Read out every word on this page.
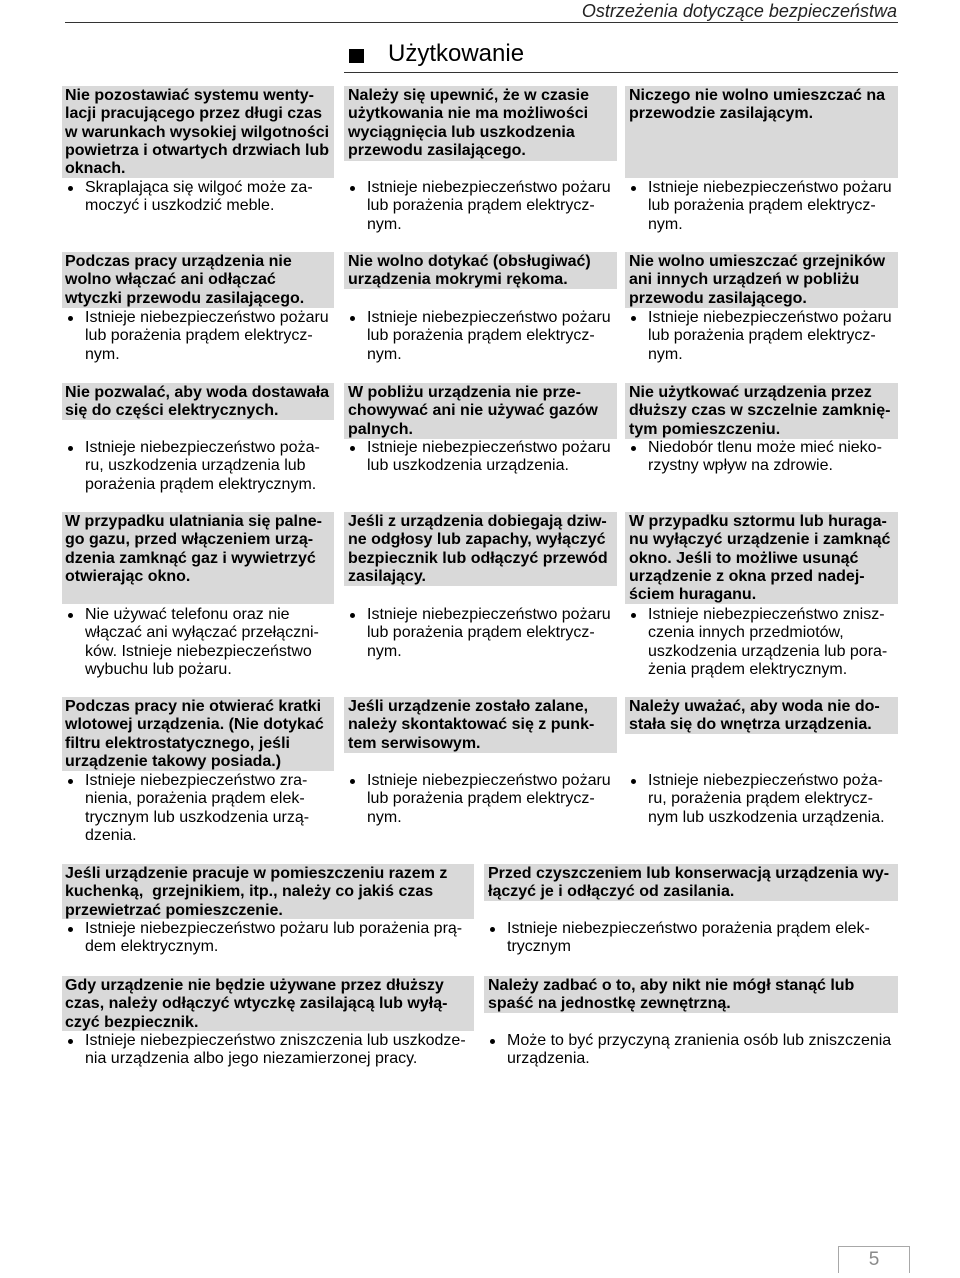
Ostrzeżenia dotyczące bezpieczeństwa
Użytkowanie
Nie pozostawiać systemu wenty-
lacji pracującego przez długi czas
w warunkach wysokiej wilgotności
powietrza i otwartych drzwiach lub
oknach.
Skraplająca się wilgoć może za-
moczyć i uszkodzić meble.
Podczas pracy urządzenia nie
wolno włączać ani odłączać
wtyczki przewodu zasilającego.
Istnieje niebezpieczeństwo pożaru
lub porażenia prądem elektrycz-
nym.
Nie pozwalać, aby woda dostawała
się do części elektrycznych.
Istnieje niebezpieczeństwo poża-
ru, uszkodzenia urządzenia lub
porażenia prądem elektrycznym.
W przypadku ulatniania się palne-
go gazu, przed włączeniem urzą-
dzenia zamknąć gaz i wywietrzyć
otwierając okno.
Nie używać telefonu oraz nie
włączać ani wyłączać przełączni-
ków. Istnieje niebezpieczeństwo
wybuchu lub pożaru.
Podczas pracy nie otwierać kratki
wlotowej urządzenia. (Nie dotykać
filtru elektrostatycznego, jeśli
urządzenie takowy posiada.)
Istnieje niebezpieczeństwo zra-
nienia, porażenia prądem elek-
trycznym lub uszkodzenia urzą-
dzenia.
Należy się upewnić, że w czasie
użytkowania nie ma możliwości
wyciągnięcia lub uszkodzenia
przewodu zasilającego.
Istnieje niebezpieczeństwo pożaru
lub porażenia prądem elektrycz-
nym.
Nie wolno dotykać (obsługiwać)
urządzenia mokrymi rękoma.
Istnieje niebezpieczeństwo pożaru
lub porażenia prądem elektrycz-
nym.
W pobliżu urządzenia nie prze-
chowywać ani nie używać gazów
palnych.
Istnieje niebezpieczeństwo pożaru
lub uszkodzenia urządzenia.
Jeśli z urządzenia dobiegają dziw-
ne odgłosy lub zapachy, wyłączyć
bezpiecznik lub odłączyć przewód
zasilający.
Istnieje niebezpieczeństwo pożaru
lub porażenia prądem elektrycz-
nym.
Jeśli urządzenie zostało zalane,
należy skontaktować się z punk-
tem serwisowym.
Istnieje niebezpieczeństwo pożaru
lub porażenia prądem elektrycz-
nym.
Niczego nie wolno umieszczać na
przewodzie zasilającym.
Istnieje niebezpieczeństwo pożaru
lub porażenia prądem elektrycz-
nym.
Nie wolno umieszczać grzejników
ani innych urządzeń w pobliżu
przewodu zasilającego.
Istnieje niebezpieczeństwo pożaru
lub porażenia prądem elektrycz-
nym.
Nie użytkować urządzenia przez
dłuższy czas w szczelnie zamknię-
tym pomieszczeniu.
Niedobór tlenu może mieć nieko-
rzystny wpływ na zdrowie.
W przypadku sztormu lub huraga-
nu wyłączyć urządzenie i zamknąć
okno. Jeśli to możliwe usunąć
urządzenie z okna przed nadej-
ściem huraganu.
Istnieje niebezpieczeństwo znisz-
czenia innych przedmiotów,
uszkodzenia urządzenia lub pora-
żenia prądem elektrycznym.
Należy uważać, aby woda nie do-
stała się do wnętrza urządzenia.
Istnieje niebezpieczeństwo poża-
ru, porażenia prądem elektrycz-
nym lub uszkodzenia urządzenia.
Jeśli urządzenie pracuje w pomieszczeniu razem z
kuchenką,  grzejnikiem, itp., należy co jakiś czas
przewietrzać pomieszczenie.
Istnieje niebezpieczeństwo pożaru lub porażenia prą-
dem elektrycznym.
Gdy urządzenie nie będzie używane przez dłuższy
czas, należy odłączyć wtyczkę zasilającą lub wyłą-
czyć bezpiecznik.
Istnieje niebezpieczeństwo zniszczenia lub uszkodze-
nia urządzenia albo jego niezamierzonej pracy.
Przed czyszczeniem lub konserwacją urządzenia wy-
łączyć je i odłączyć od zasilania.
Istnieje niebezpieczeństwo porażenia prądem elek-
trycznym
Należy zadbać o to, aby nikt nie mógł stanąć lub
spaść na jednostkę zewnętrzną.
Może to być przyczyną zranienia osób lub zniszczenia
urządzenia.
5
